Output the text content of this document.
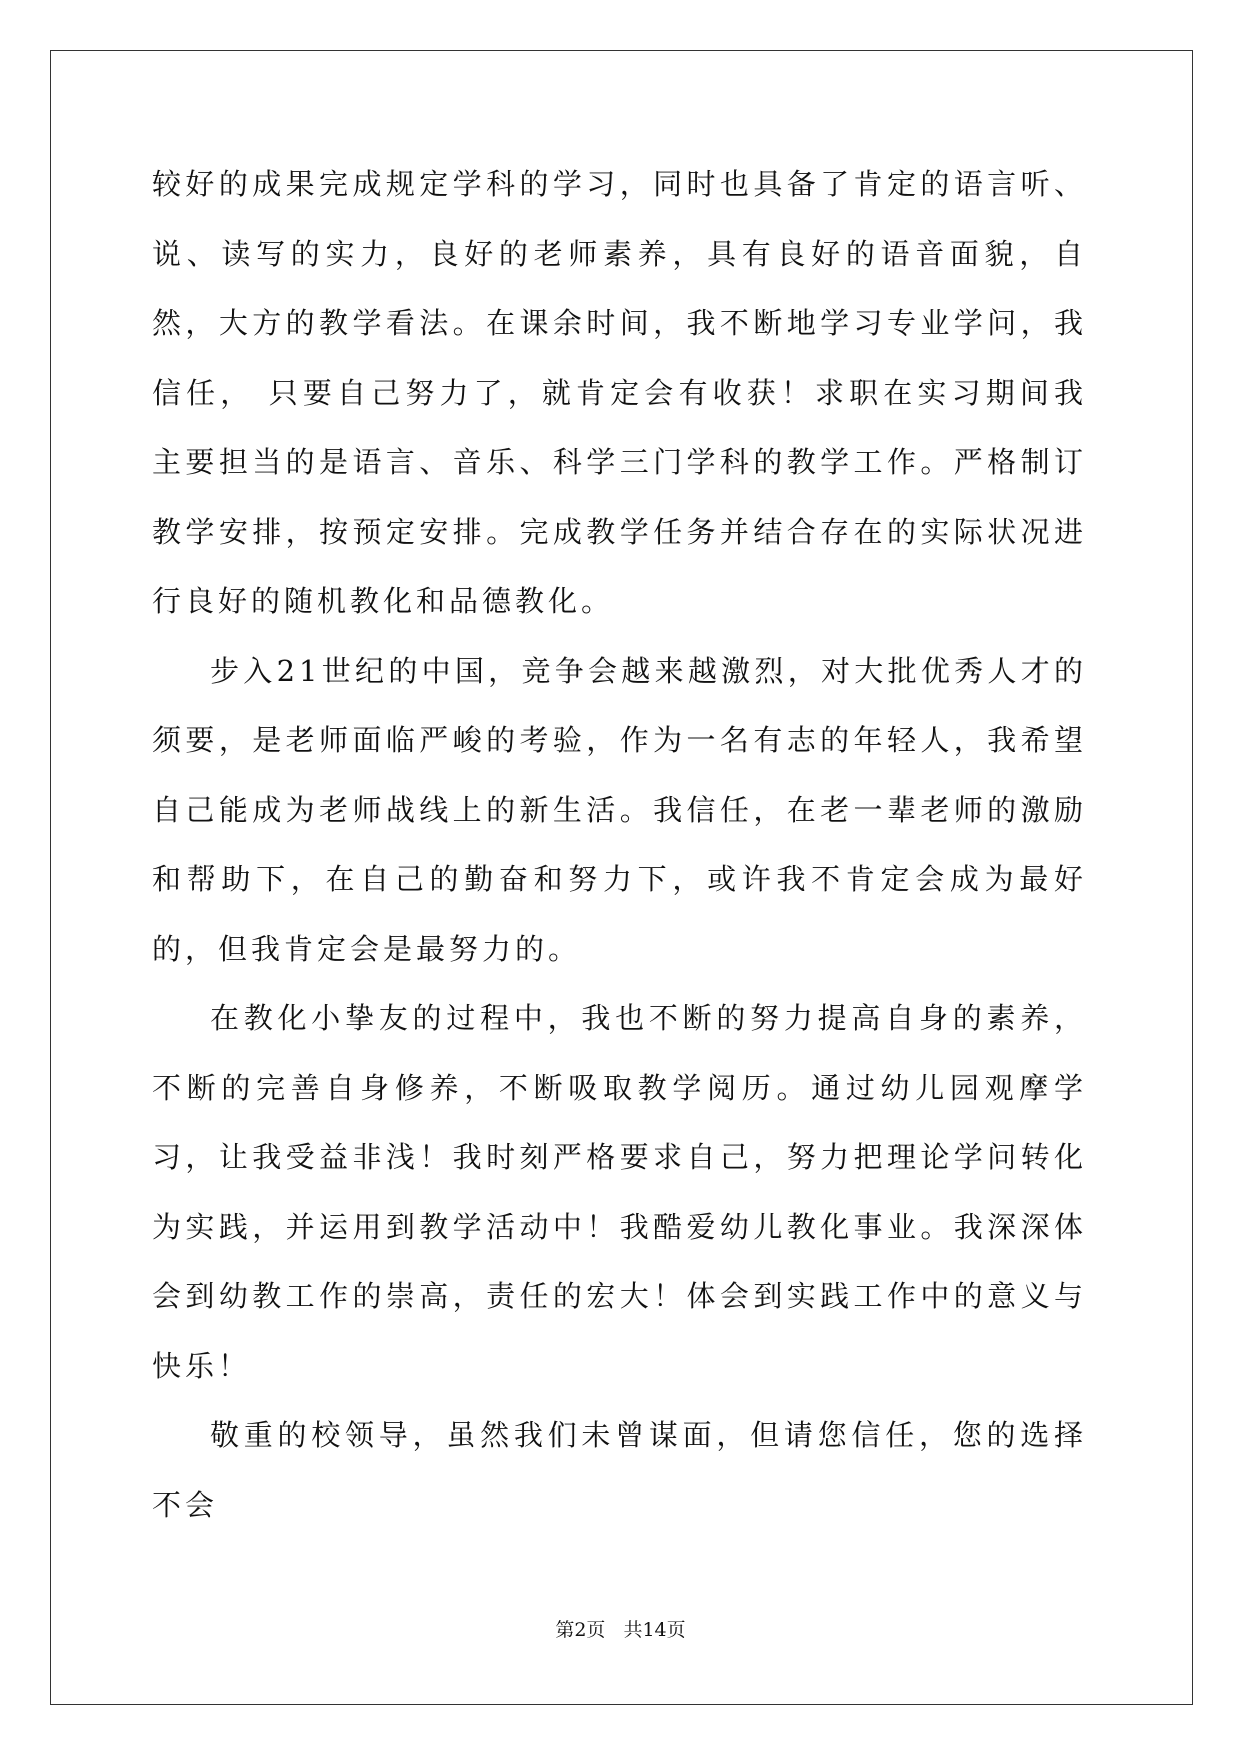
较好的成果完成规定学科的学习，同时也具备了肯定的语言听、说、读写的实力，良好的老师素养，具有良好的语音面貌，自然，大方的教学看法。在课余时间，我不断地学习专业学问，我信任， 只要自己努力了，就肯定会有收获！求职在实习期间我主要担当的是语言、音乐、科学三门学科的教学工作。严格制订教学安排，按预定安排。完成教学任务并结合存在的实际状况进行良好的随机教化和品德教化。

步入21世纪的中国，竞争会越来越激烈，对大批优秀人才的须要，是老师面临严峻的考验，作为一名有志的年轻人，我希望自己能成为老师战线上的新生活。我信任，在老一辈老师的激励和帮助下，在自己的勤奋和努力下，或许我不肯定会成为最好的，但我肯定会是最努力的。

在教化小挚友的过程中，我也不断的努力提高自身的素养，不断的完善自身修养，不断吸取教学阅历。通过幼儿园观摩学习，让我受益非浅！我时刻严格要求自己，努力把理论学问转化为实践，并运用到教学活动中！我酷爱幼儿教化事业。我深深体会到幼教工作的崇高，责任的宏大！体会到实践工作中的意义与快乐！

敬重的校领导，虽然我们未曾谋面，但请您信任，您的选择不会

第2页 共14页
